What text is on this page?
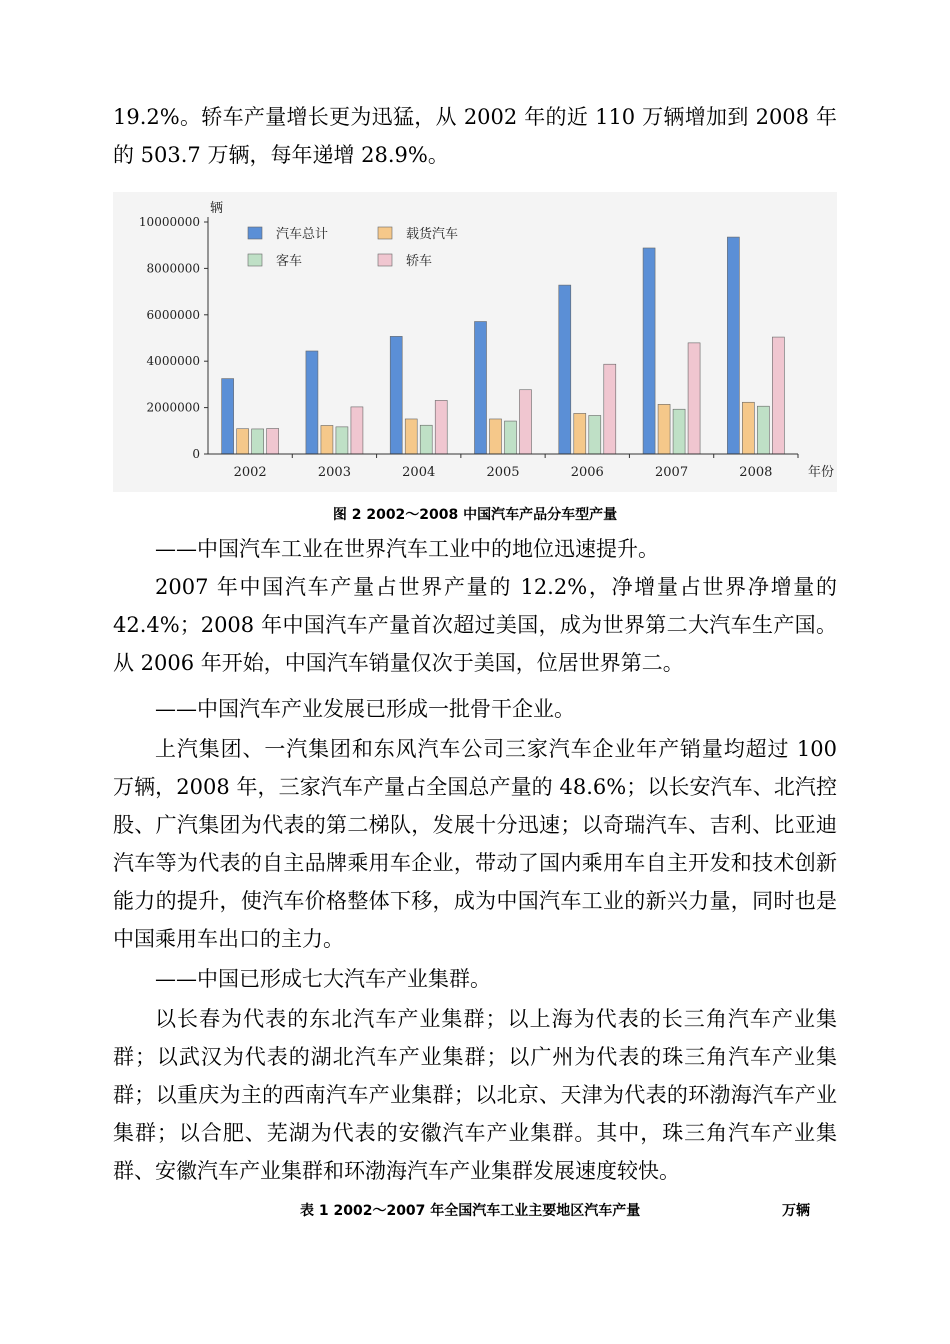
19.2%。轿车产量增长更为迅猛，从 2002 年的近 110 万辆增加到 2008 年的 503.7 万辆，每年递增 28.9%。

0
2000000
4000000
6000000
8000000
10000000
辆
2002	2003	2004	2005	2006	2007	2008	年份
汽车总计	载货汽车
客车	轿车
图 2 2002～2008 中国汽车产品分车型产量

——中国汽车工业在世界汽车工业中的地位迅速提升。

2007 年中国汽车产量占世界产量的 12.2%，净增量占世界净增量的 42.4%；2008 年中国汽车产量首次超过美国，成为世界第二大汽车生产国。从 2006 年开始，中国汽车销量仅次于美国，位居世界第二。

——中国汽车产业发展已形成一批骨干企业。

上汽集团、一汽集团和东风汽车公司三家汽车企业年产销量均超过 100 万辆，2008 年，三家汽车产量占全国总产量的 48.6%；以长安汽车、北汽控股、广汽集团为代表的第二梯队，发展十分迅速；以奇瑞汽车、吉利、比亚迪汽车等为代表的自主品牌乘用车企业，带动了国内乘用车自主开发和技术创新能力的提升，使汽车价格整体下移，成为中国汽车工业的新兴力量，同时也是中国乘用车出口的主力。

——中国已形成七大汽车产业集群。

以长春为代表的东北汽车产业集群；以上海为代表的长三角汽车产业集群；以武汉为代表的湖北汽车产业集群；以广州为代表的珠三角汽车产业集群；以重庆为主的西南汽车产业集群；以北京、天津为代表的环渤海汽车产业集群；以合肥、芜湖为代表的安徽汽车产业集群。其中，珠三角汽车产业集群、安徽汽车产业集群和环渤海汽车产业集群发展速度较快。

表 1 2002～2007 年全国汽车工业主要地区汽车产量	万辆
